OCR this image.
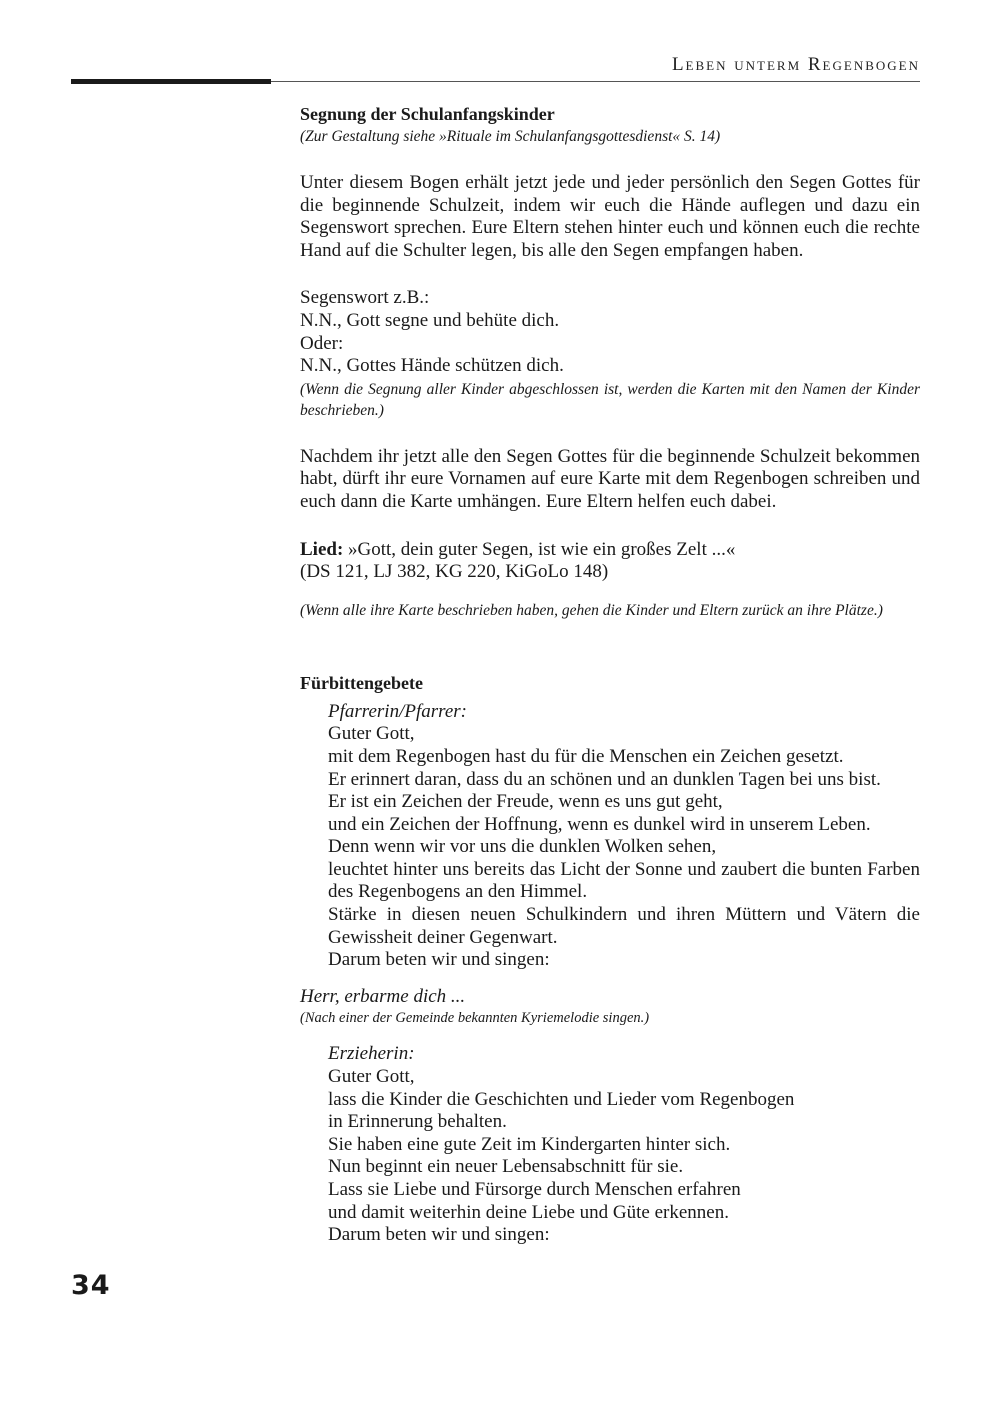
Leben unterm Regenbogen

Segnung der Schulanfangskinder

(Zur Gestaltung siehe »Rituale im Schulanfangsgottesdienst« S. 14)

Unter diesem Bogen erhält jetzt jede und jeder persönlich den Segen Gottes für die beginnende Schulzeit, indem wir euch die Hände auflegen und dazu ein Segenswort sprechen. Eure Eltern stehen hinter euch und können euch die rechte Hand auf die Schulter legen, bis alle den Segen empfangen haben.

Segenswort z.B.:
N.N., Gott segne und behüte dich.
Oder:
N.N., Gottes Hände schützen dich.

(Wenn die Segnung aller Kinder abgeschlossen ist, werden die Karten mit den Namen der Kinder beschrieben.)

Nachdem ihr jetzt alle den Segen Gottes für die beginnende Schulzeit bekommen habt, dürft ihr eure Vornamen auf eure Karte mit dem Regenbogen schreiben und euch dann die Karte umhängen. Eure Eltern helfen euch dabei.

Lied: »Gott, dein guter Segen, ist wie ein großes Zelt ...«

(DS 121, LJ 382, KG 220, KiGoLo 148)

(Wenn alle ihre Karte beschrieben haben, gehen die Kinder und Eltern zurück an ihre Plätze.)

Fürbittengebete

Pfarrerin/Pfarrer:
Guter Gott,
mit dem Regenbogen hast du für die Menschen ein Zeichen gesetzt.
Er erinnert daran, dass du an schönen und an dunklen Tagen bei uns bist.
Er ist ein Zeichen der Freude, wenn es uns gut geht,
und ein Zeichen der Hoffnung, wenn es dunkel wird in unserem Leben.
Denn wenn wir vor uns die dunklen Wolken sehen,
leuchtet hinter uns bereits das Licht der Sonne und zaubert die bunten Farben des Regenbogens an den Himmel.
Stärke in diesen neuen Schulkindern und ihren Müttern und Vätern die Gewissheit deiner Gegenwart.
Darum beten wir und singen:

Herr, erbarme dich ...

(Nach einer der Gemeinde bekannten Kyriemelodie singen.)

Erzieherin:
Guter Gott,
lass die Kinder die Geschichten und Lieder vom Regenbogen
in Erinnerung behalten.
Sie haben eine gute Zeit im Kindergarten hinter sich.
Nun beginnt ein neuer Lebensabschnitt für sie.
Lass sie Liebe und Fürsorge durch Menschen erfahren
und damit weiterhin deine Liebe und Güte erkennen.
Darum beten wir und singen:
34
